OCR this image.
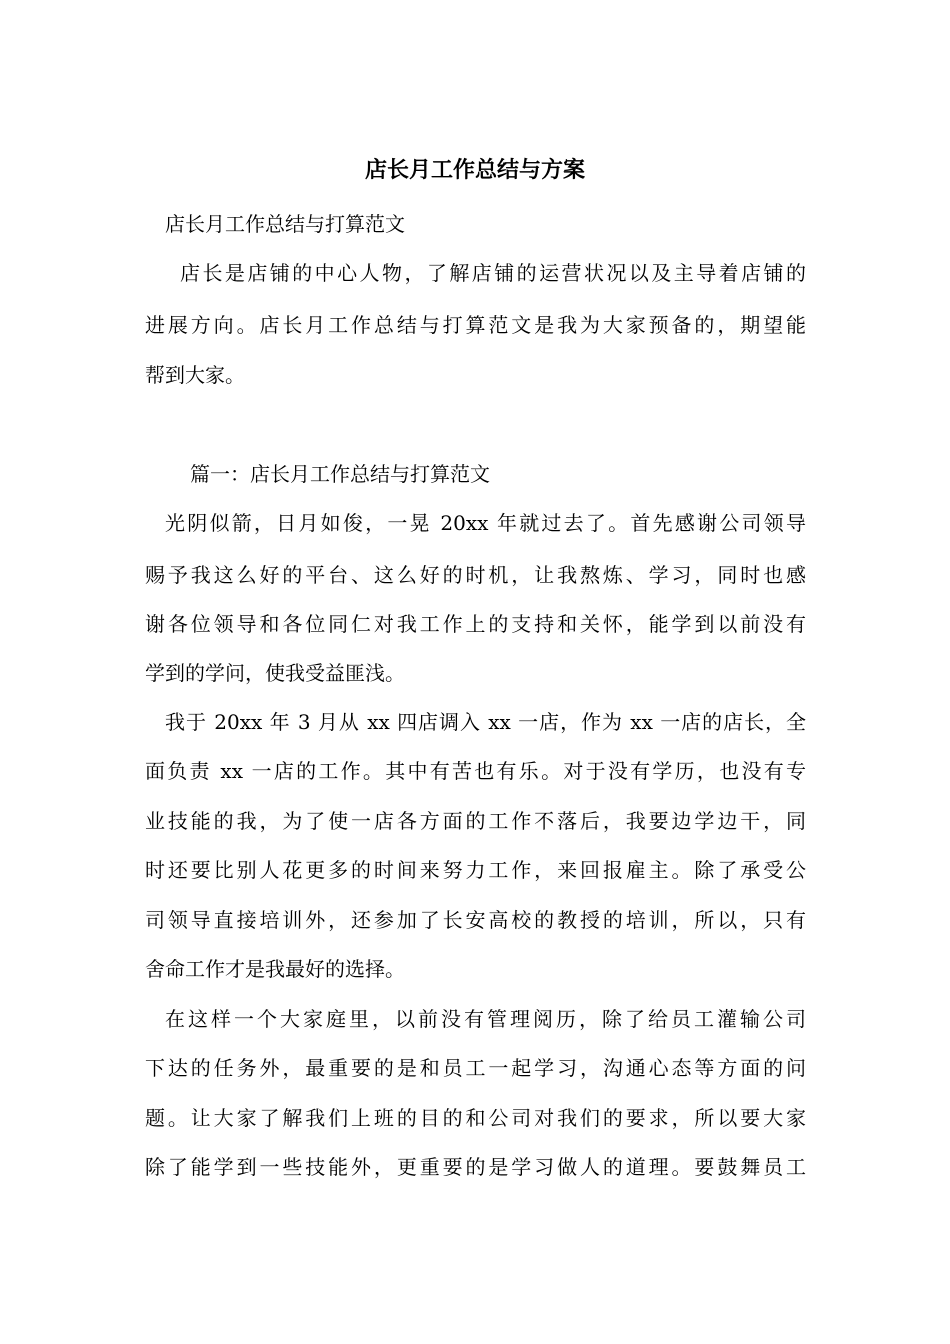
店长月工作总结与方案
店长月工作总结与打算范文
店长是店铺的中心人物，了解店铺的运营状况以及主导着店铺的
进展方向。店长月工作总结与打算范文是我为大家预备的，期望能
帮到大家。
篇一：店长月工作总结与打算范文
光阴似箭，日月如俊，一晃 20xx 年就过去了。首先感谢公司领导
赐予我这么好的平台、这么好的时机，让我熬炼、学习，同时也感
谢各位领导和各位同仁对我工作上的支持和关怀，能学到以前没有
学到的学问，使我受益匪浅。
我于 20xx 年 3 月从 xx 四店调入 xx 一店，作为 xx 一店的店长，全
面负责 xx 一店的工作。其中有苦也有乐。对于没有学历，也没有专
业技能的我，为了使一店各方面的工作不落后，我要边学边干，同
时还要比别人花更多的时间来努力工作，来回报雇主。除了承受公
司领导直接培训外，还参加了长安高校的教授的培训，所以，只有
舍命工作才是我最好的选择。
在这样一个大家庭里，以前没有管理阅历，除了给员工灌输公司
下达的任务外，最重要的是和员工一起学习，沟通心态等方面的问
题。让大家了解我们上班的目的和公司对我们的要求，所以要大家
除了能学到一些技能外，更重要的是学习做人的道理。要鼓舞员工
